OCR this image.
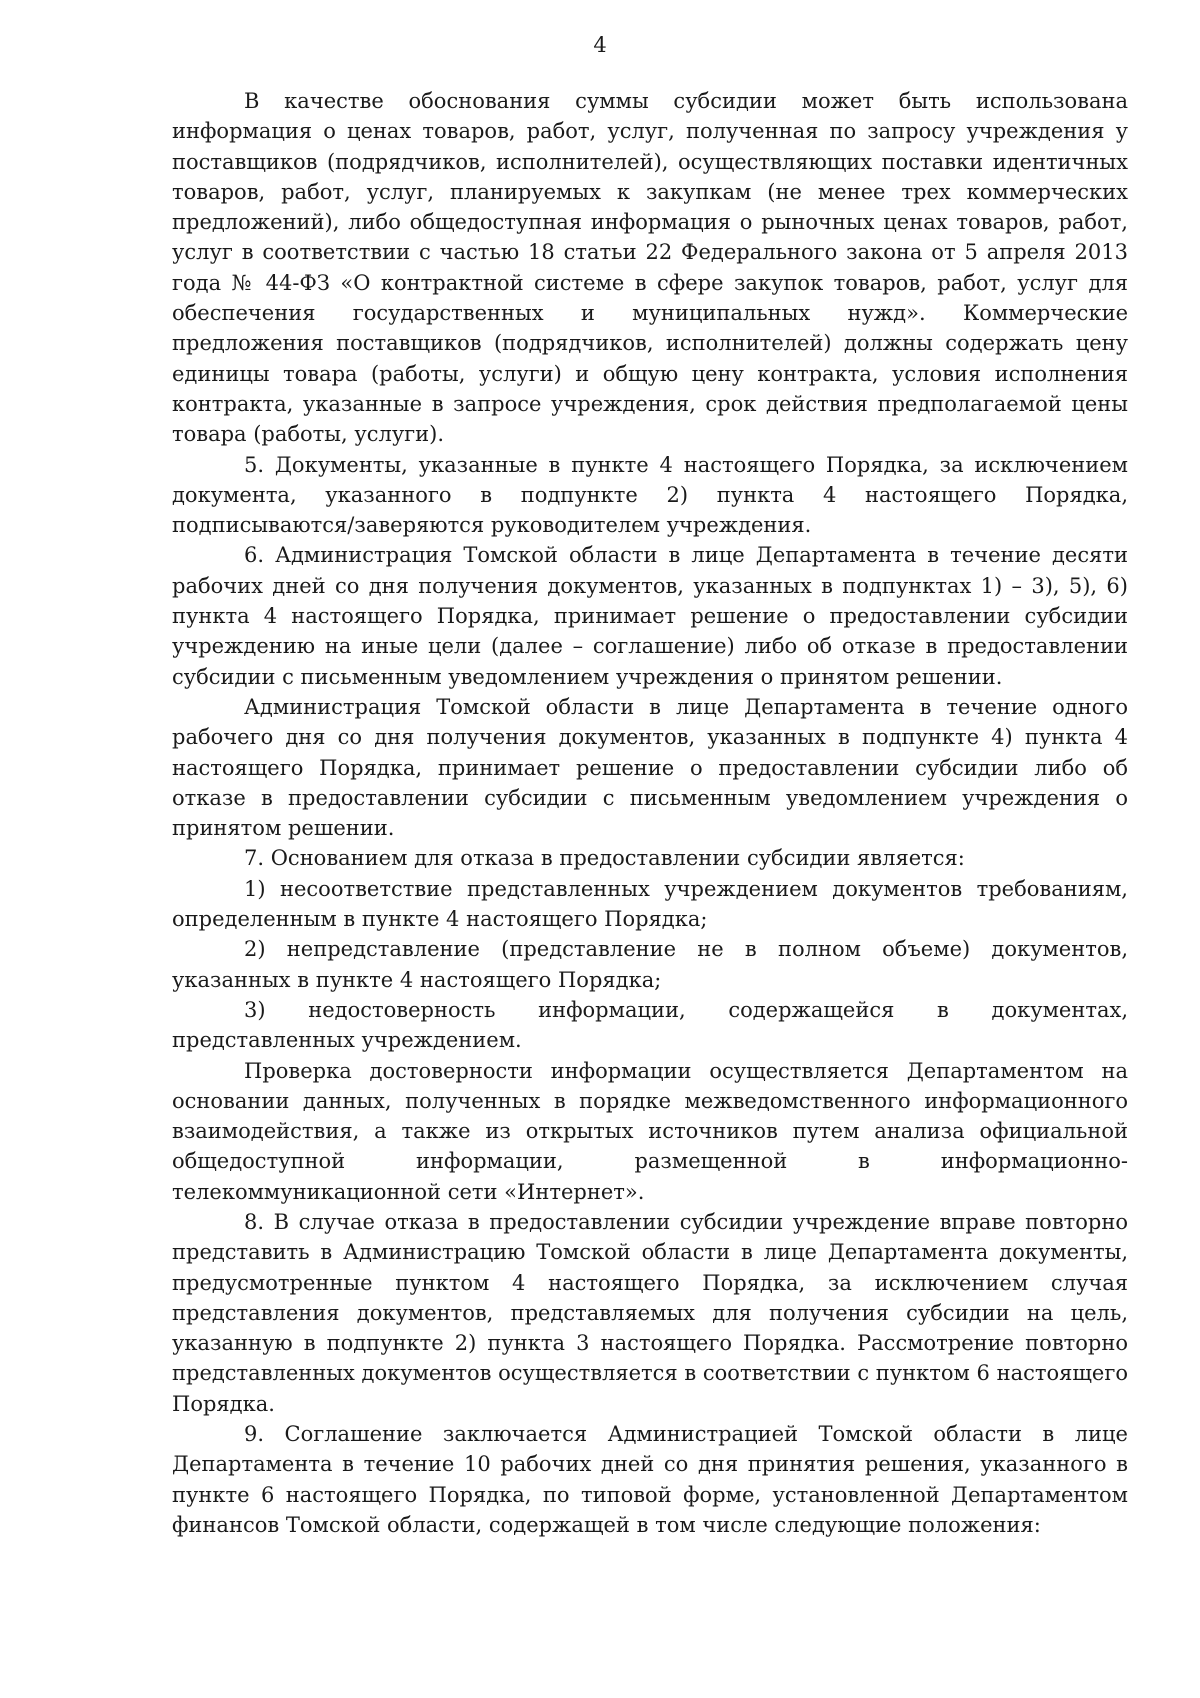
4

В качестве обоснования суммы субсидии может быть использована информация о ценах товаров, работ, услуг, полученная по запросу учреждения у поставщиков (подрядчиков, исполнителей), осуществляющих поставки идентичных товаров, работ, услуг, планируемых к закупкам (не менее трех коммерческих предложений), либо общедоступная информация о рыночных ценах товаров, работ, услуг в соответствии с частью 18 статьи 22 Федерального закона от 5 апреля 2013 года № 44-ФЗ «О контрактной системе в сфере закупок товаров, работ, услуг для обеспечения государственных и муниципальных нужд». Коммерческие предложения поставщиков (подрядчиков, исполнителей) должны содержать цену единицы товара (работы, услуги) и общую цену контракта, условия исполнения контракта, указанные в запросе учреждения, срок действия предполагаемой цены товара (работы, услуги).

5. Документы, указанные в пункте 4 настоящего Порядка, за исключением документа, указанного в подпункте 2) пункта 4 настоящего Порядка, подписываются/заверяются руководителем учреждения.

6. Администрация Томской области в лице Департамента в течение десяти рабочих дней со дня получения документов, указанных в подпунктах 1) – 3), 5), 6) пункта 4 настоящего Порядка, принимает решение о предоставлении субсидии учреждению на иные цели (далее – соглашение) либо об отказе в предоставлении субсидии с письменным уведомлением учреждения о принятом решении.

Администрация Томской области в лице Департамента в течение одного рабочего дня со дня получения документов, указанных в подпункте 4) пункта 4 настоящего Порядка, принимает решение о предоставлении субсидии либо об отказе в предоставлении субсидии с письменным уведомлением учреждения о принятом решении.

7. Основанием для отказа в предоставлении субсидии является:

1) несоответствие представленных учреждением документов требованиям, определенным в пункте 4 настоящего Порядка;

2) непредставление (представление не в полном объеме) документов, указанных в пункте 4 настоящего Порядка;

3) недостоверность информации, содержащейся в документах, представленных учреждением.

Проверка достоверности информации осуществляется Департаментом на основании данных, полученных в порядке межведомственного информационного взаимодействия, а также из открытых источников путем анализа официальной общедоступной информации, размещенной в информационно-телекоммуникационной сети «Интернет».

8. В случае отказа в предоставлении субсидии учреждение вправе повторно представить в Администрацию Томской области в лице Департамента документы, предусмотренные пунктом 4 настоящего Порядка, за исключением случая представления документов, представляемых для получения субсидии на цель, указанную в подпункте 2) пункта 3 настоящего Порядка. Рассмотрение повторно представленных документов осуществляется в соответствии с пунктом 6 настоящего Порядка.

9. Соглашение заключается Администрацией Томской области в лице Департамента в течение 10 рабочих дней со дня принятия решения, указанного в пункте 6 настоящего Порядка, по типовой форме, установленной Департаментом финансов Томской области, содержащей в том числе следующие положения:
